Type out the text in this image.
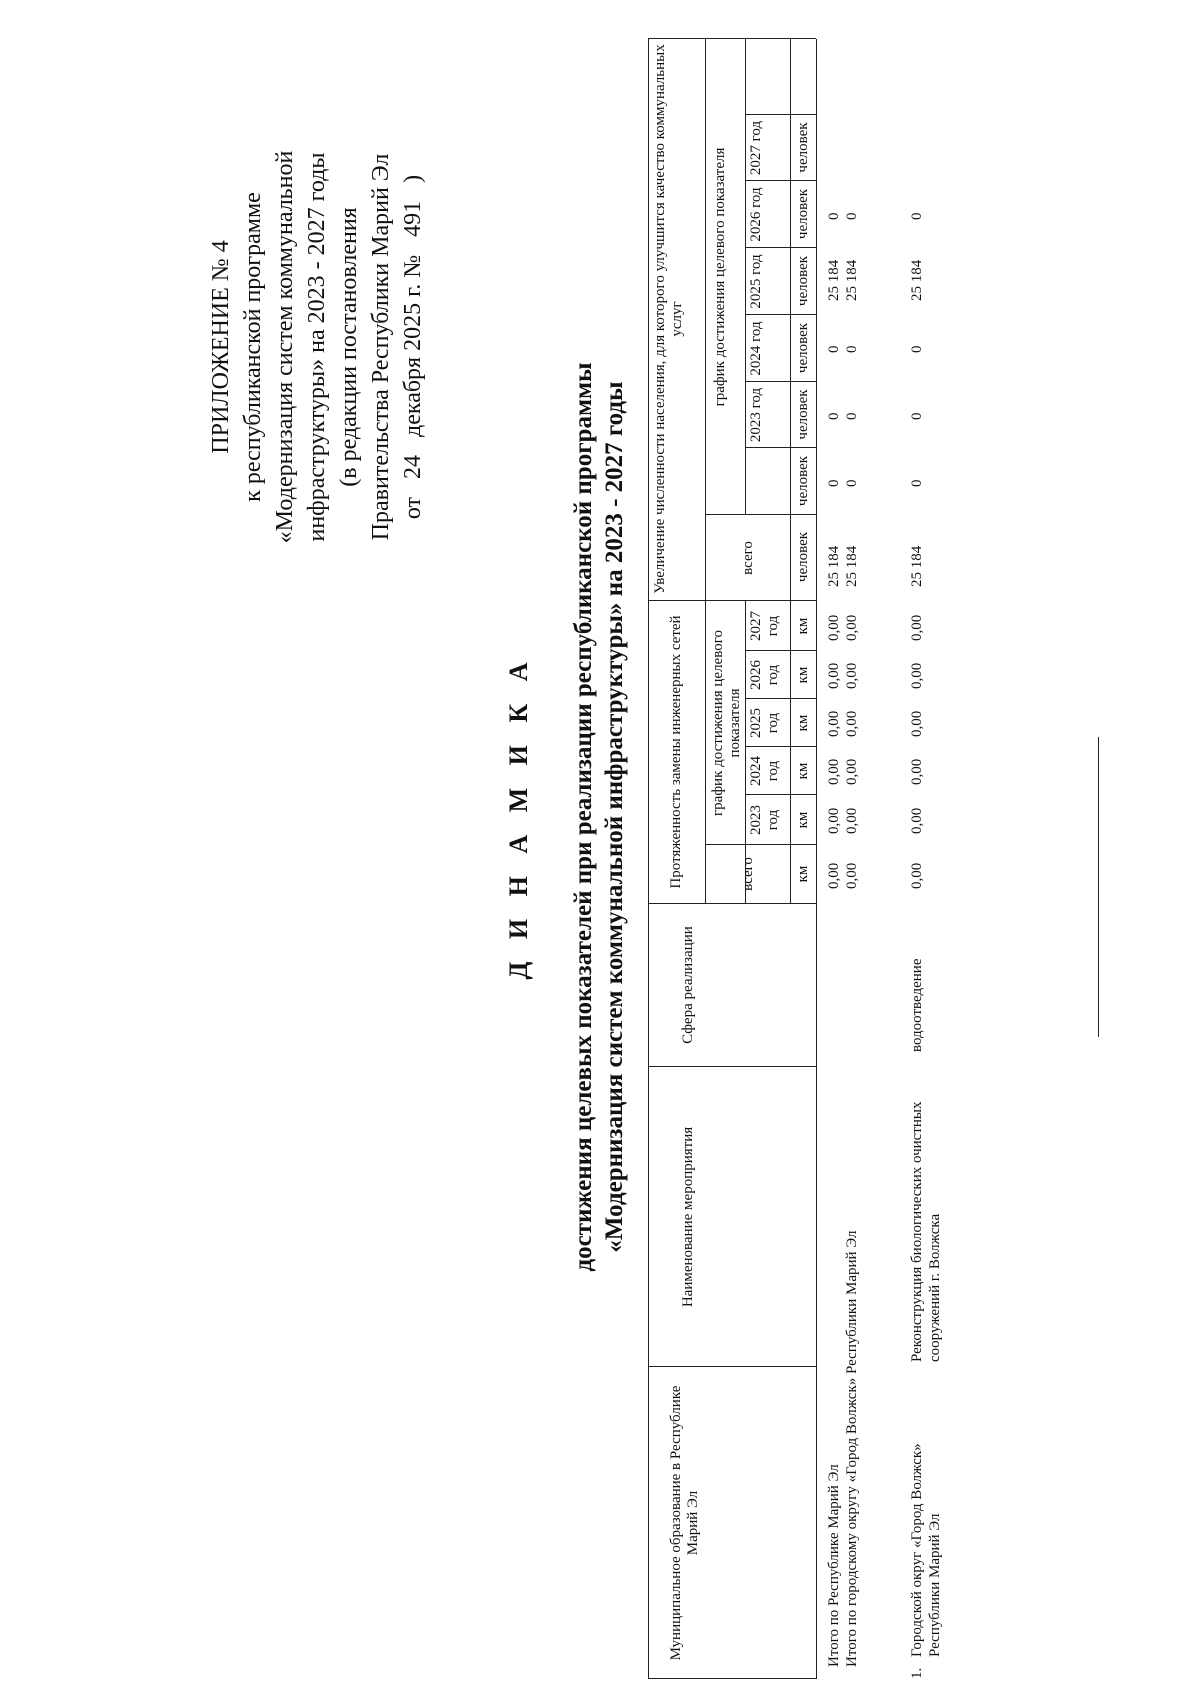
ПРИЛОЖЕНИЕ № 4 к республиканской программе «Модернизация систем коммунальной инфраструктуры» на 2023 - 2027 годы (в редакции постановления Правительства Республики Марий Эл от 24 декабря 2025 г. № 491 )
Д И Н А М И К А достижения целевых показателей при реализации республиканской программы «Модернизация систем коммунальной инфраструктуры» на 2023 - 2027 годы
Муниципальное образование в Республике Марий Эл
Наименование мероприятия
Сфера реализации
Протяженность замены инженерных сетей	всего
график достижения целевого показателя
Увеличение численности населения, для которого улучшится качество коммунальных услуг
всего
график достижения целевого показателя
2023 год
2024 год
2025 год
2026 год
2027 год
2023 год
2024 год
2025 год
2026 год
2027 год
км
км
км
км
км
км
человек
человек
человек
человек
человек
человек
человек
Итого по Республике Марий Эл Итого по городскому округу «Город Волжск» Республики Марий Эл
0,00 0,00
0,00 0,00
0,00 0,00
0,00 0,00
0,00 0,00
0,00 0,00
25 184 25 184
0 0
0 0
0 0
25 184 25 184
0 0
1.
Городской округ «Город Волжск» Республики Марий Эл
Реконструкция биологических очистных сооружений г. Волжска
водоотведение
0,00
0,00
0,00
0,00
0,00
0,00
25 184
0
0
0
25 184
0
